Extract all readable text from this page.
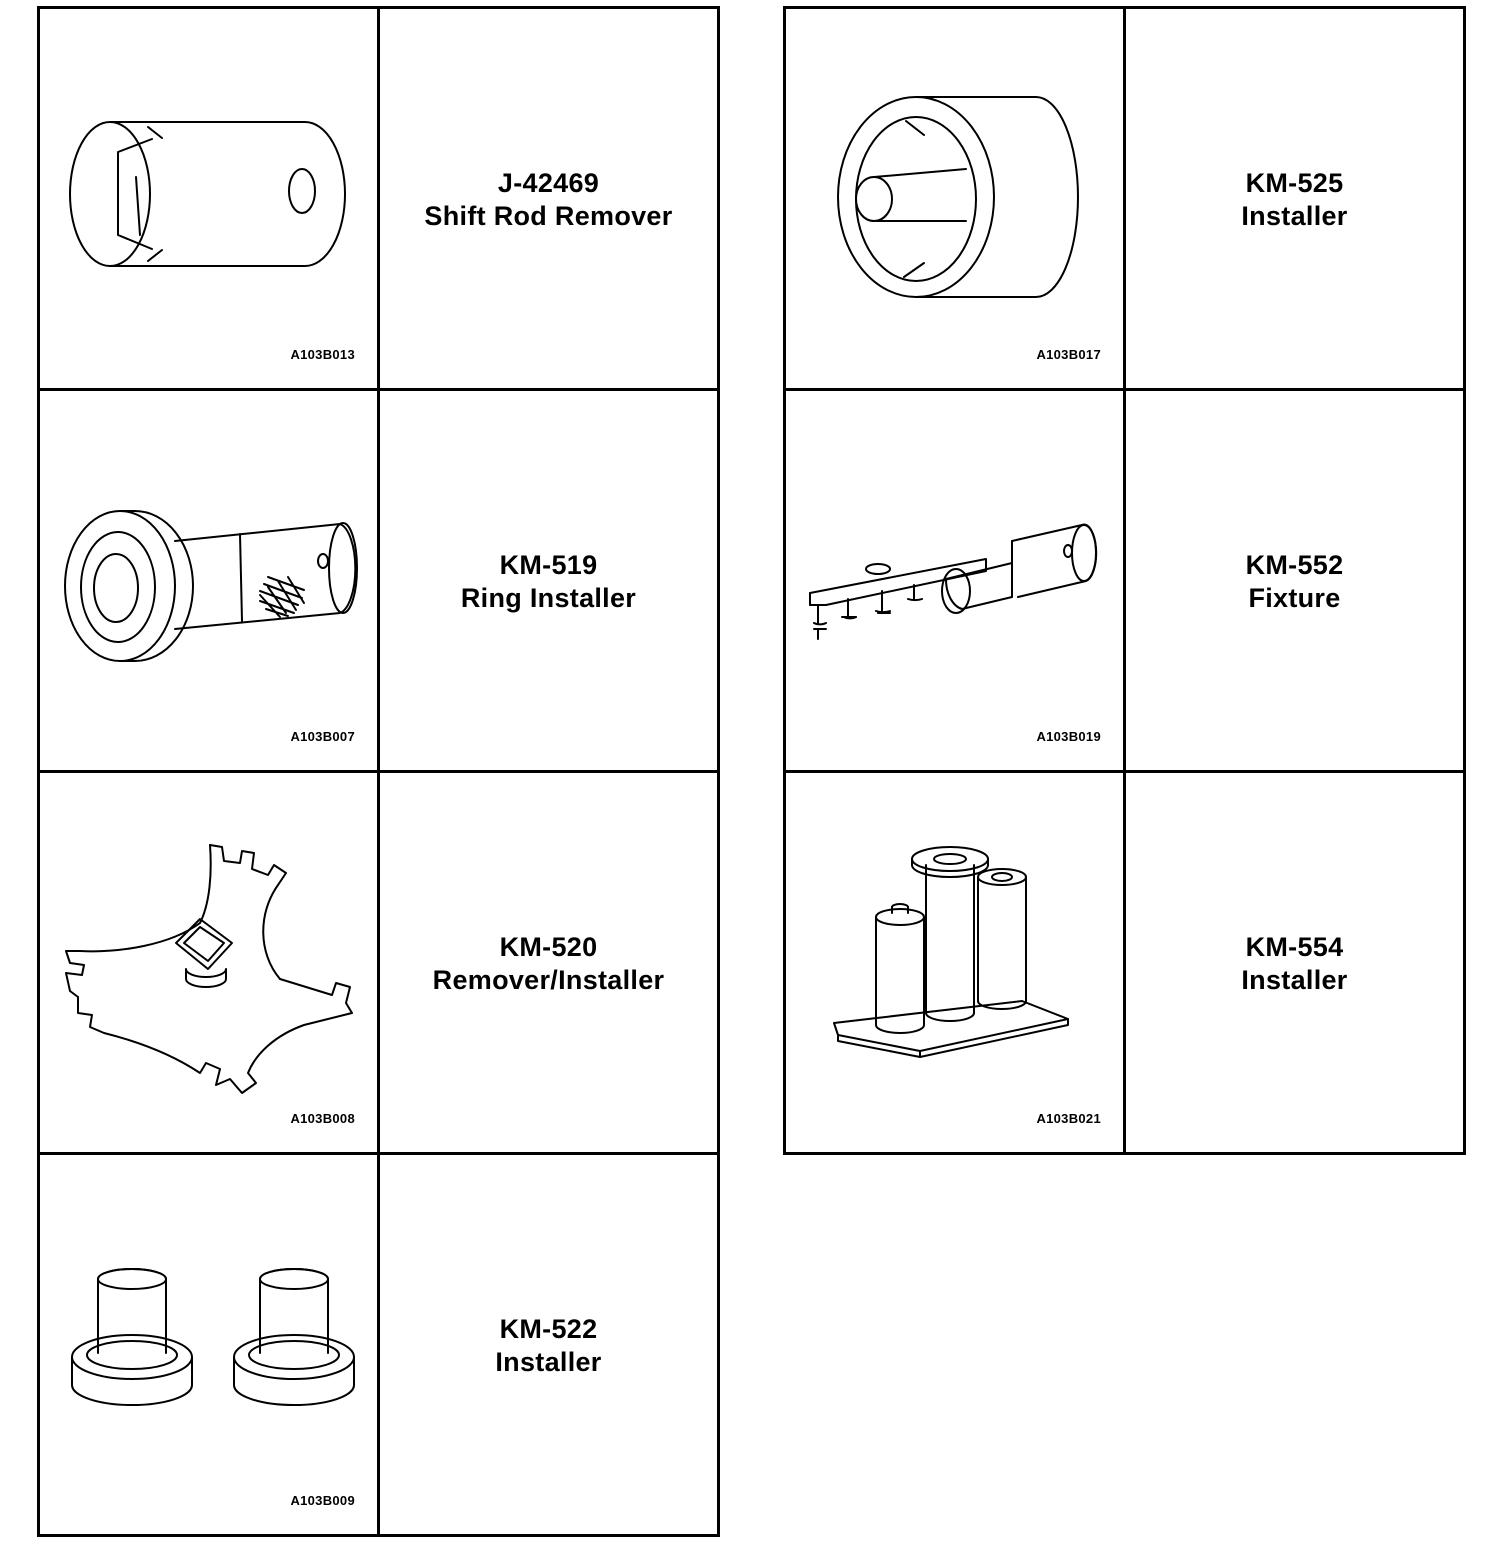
A103B013	J-42469
Shift Rod Remover

A103B007	KM-519
Ring Installer

A103B008	KM-520
Remover/Installer

A103B009	KM-522
Installer
A103B017	KM-525
Installer

A103B019	KM-552
Fixture

A103B021	KM-554
Installer
